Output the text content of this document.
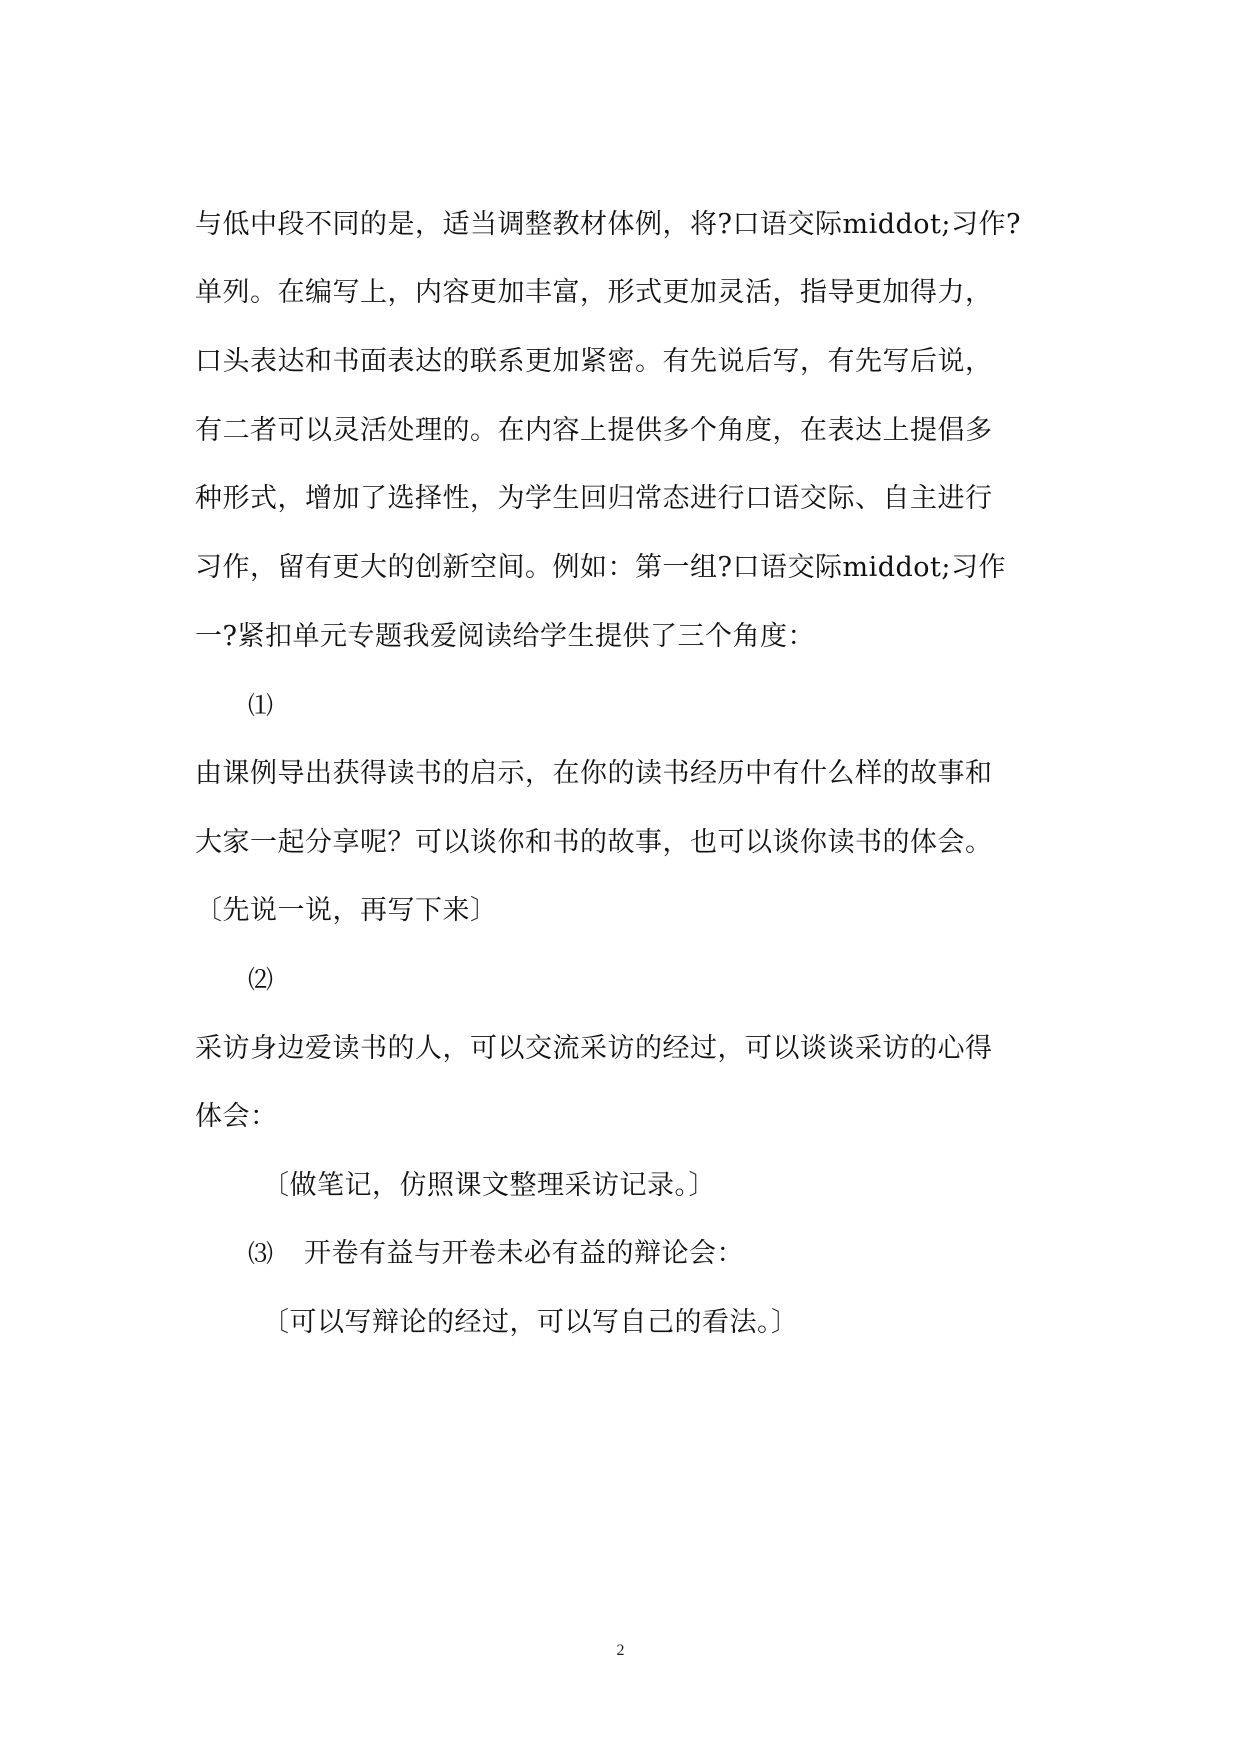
与低中段不同的是，适当调整教材体例，将?口语交际middot;习作?
单列。在编写上，内容更加丰富，形式更加灵活，指导更加得力，
口头表达和书面表达的联系更加紧密。有先说后写，有先写后说，
有二者可以灵活处理的。在内容上提供多个角度，在表达上提倡多
种形式，增加了选择性，为学生回归常态进行口语交际、自主进行
习作，留有更大的创新空间。例如：第一组?口语交际middot;习作
一?紧扣单元专题我爱阅读给学生提供了三个角度：
⑴
由课例导出获得读书的启示，在你的读书经历中有什么样的故事和
大家一起分享呢？可以谈你和书的故事，也可以谈你读书的体会。
〔先说一说，再写下来〕
⑵
采访身边爱读书的人，可以交流采访的经过，可以谈谈采访的心得
体会：
〔做笔记，仿照课文整理采访记录。〕
⑶ 开卷有益与开卷未必有益的辩论会：
〔可以写辩论的经过，可以写自己的看法。〕
2
